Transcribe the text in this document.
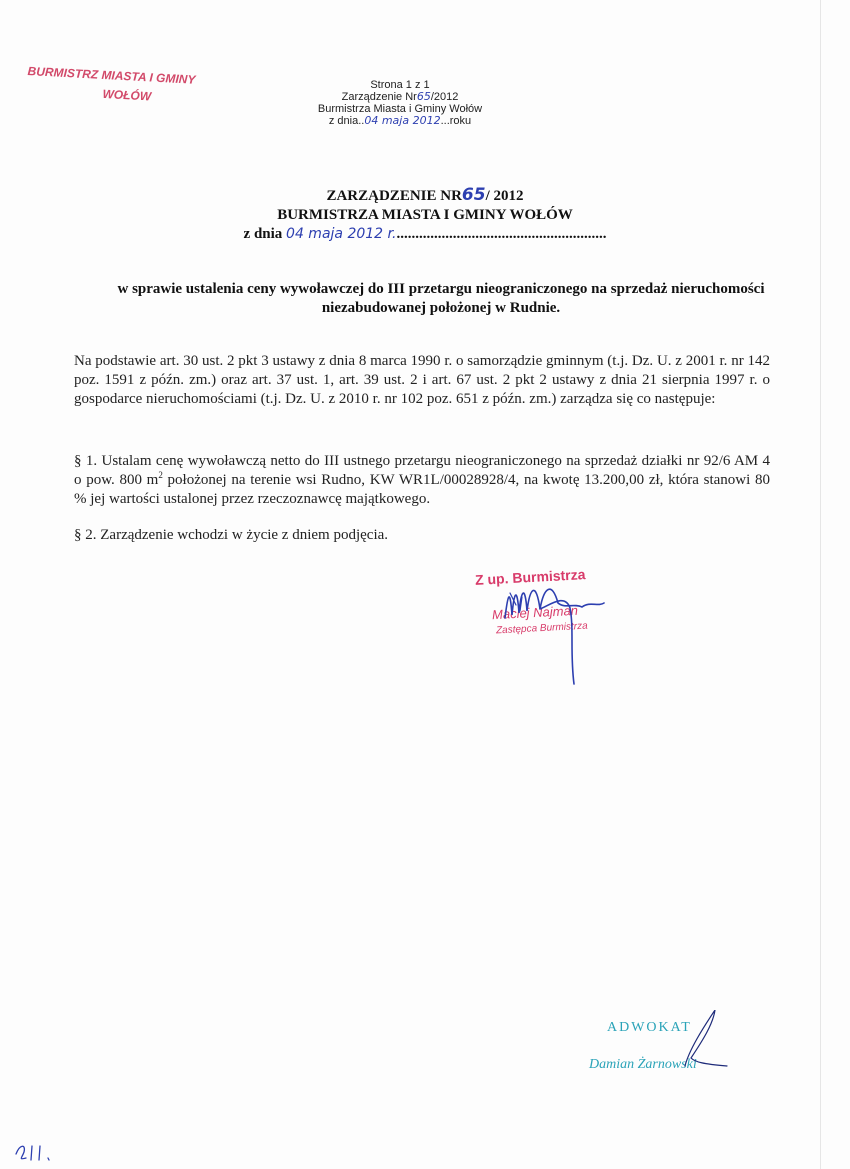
BURMISTRZ MIASTA I GMINY
WOŁÓW
Strona 1 z 1
Zarządzenie Nr65/2012
Burmistrza Miasta i Gminy Wołów
z dnia..04 maja 2012...roku
ZARZĄDZENIE NR65/ 2012
BURMISTRZA MIASTA I GMINY WOŁÓW
z dnia 04 maja 2012 r.........................................................
w sprawie ustalenia ceny wywoławczej do III przetargu nieograniczonego na sprzedaż nieruchomości niezabudowanej położonej w Rudnie.

Na podstawie art. 30 ust. 2 pkt 3 ustawy z dnia 8 marca 1990 r. o samorządzie gminnym (t.j. Dz. U. z 2001 r. nr 142 poz. 1591 z późn. zm.) oraz art. 37 ust. 1, art. 39 ust. 2 i art. 67 ust. 2 pkt 2 ustawy z dnia 21 sierpnia 1997 r. o gospodarce nieruchomościami (t.j. Dz. U. z 2010 r. nr 102 poz. 651 z późn. zm.) zarządza się co następuje:

§ 1. Ustalam cenę wywoławczą netto do III ustnego przetargu nieograniczonego na sprzedaż działki nr 92/6 AM 4 o pow. 800 $m^2$ położonej na terenie wsi Rudno, KW WR1L/00028928/4, na kwotę 13.200,00 zł, która stanowi 80 % jej wartości ustalonej przez rzeczoznawcę majątkowego.

§ 2. Zarządzenie wchodzi w życie z dniem podjęcia.

Z up. Burmistrza
Maciej Najman
Zastępca Burmistrza
ADWOKAT
Damian Żarnowski
